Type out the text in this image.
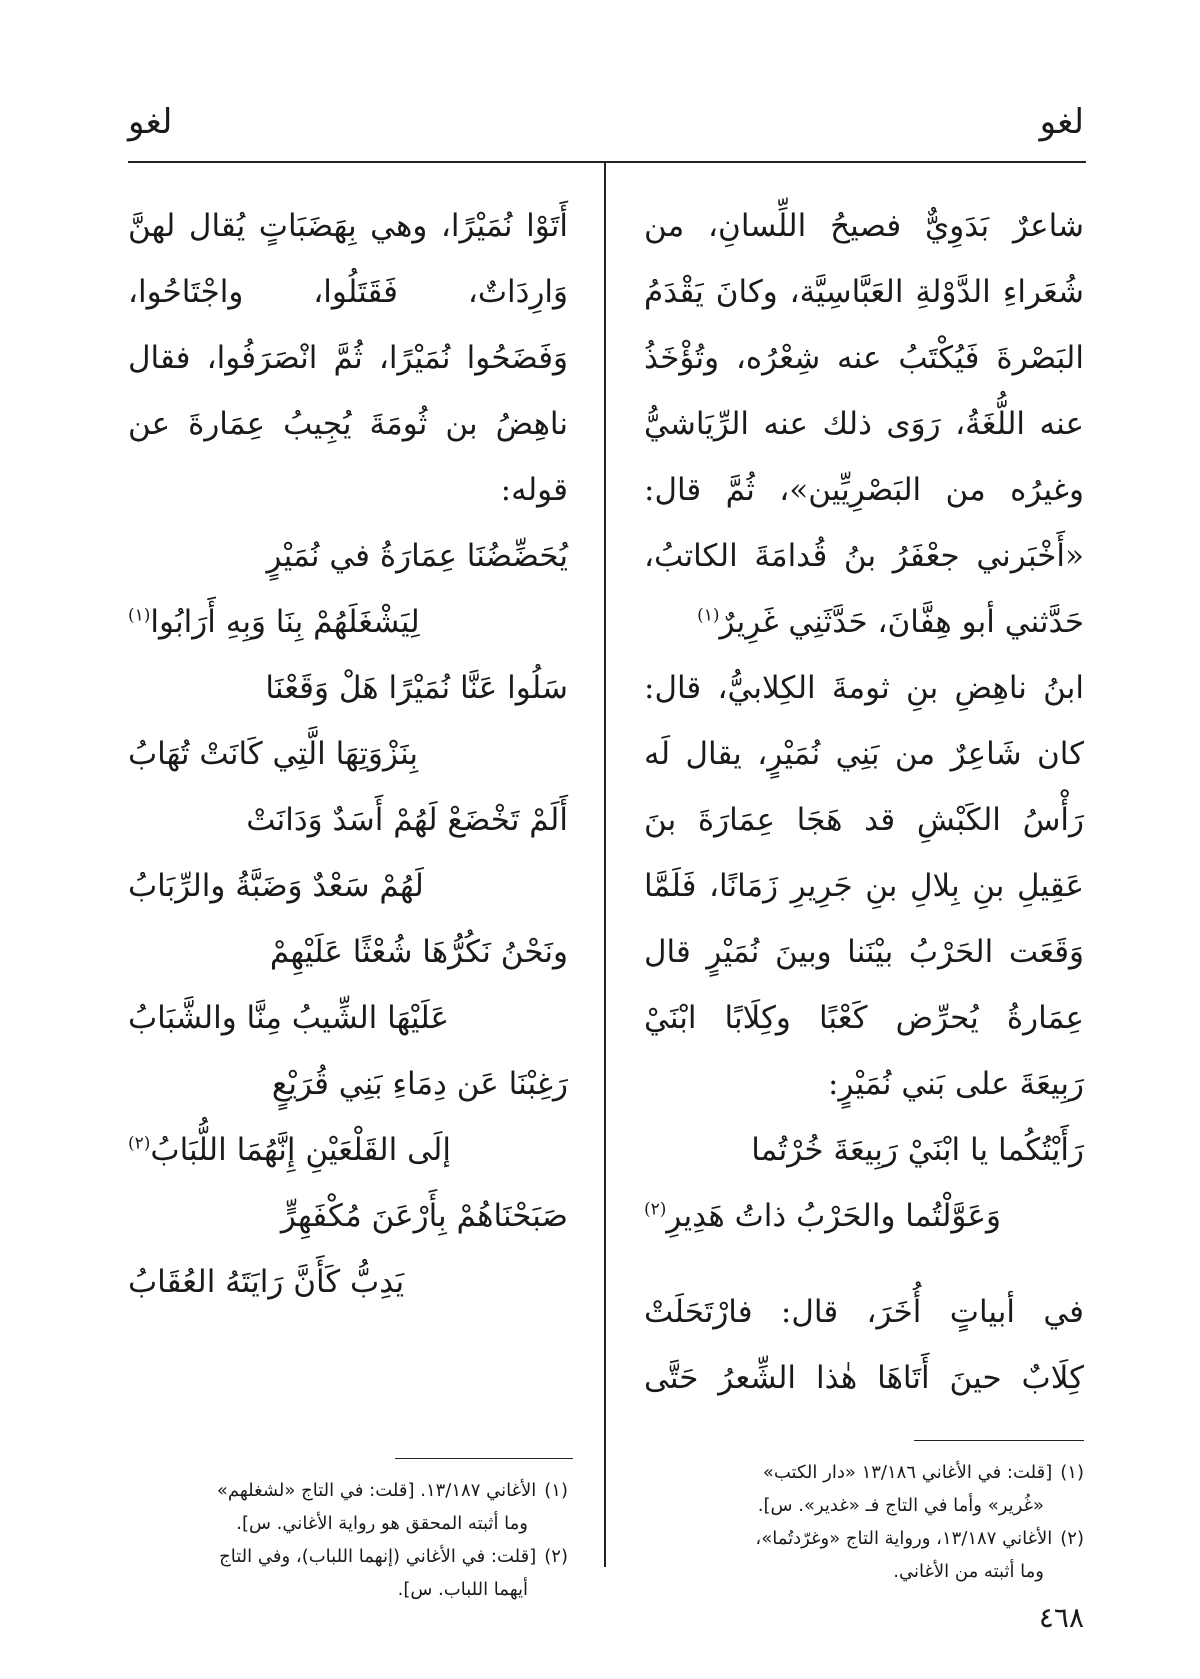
لغو
لغو
شاعرٌ بَدَوِيٌّ فصيحُ اللِّسانِ، من
شُعَراءِ الدَّوْلةِ العَبَّاسِيَّة، وكانَ يَقْدَمُ
البَصْرةَ فَيُكْتَبُ عنه شِعْرُه، وتُؤْخَذُ
عنه اللُّغَةُ، رَوَى ذلك عنه الرِّيَاشيُّ
وغيرُه من البَصْرِيِّين»، ثُمَّ قال:
«أَخْبَرني جعْفَرُ بنُ قُدامَةَ الكاتبُ،
حَدَّثني أبو هِفَّانَ، حَدَّثَنِي غَرِيرٌ$^{(١)}$
ابنُ ناهِضِ بنِ ثومةَ الكِلابيُّ، قال:
كان شَاعِرٌ من بَنِي نُمَيْرٍ، يقال لَه
رَأْسُ الكَبْشِ قد هَجَا عِمَارَةَ بنَ
عَقِيلِ بنِ بِلالِ بنِ جَرِيرِ زَمَانًا، فَلَمَّا
وَقَعَت الحَرْبُ بيْنَنا وبينَ نُمَيْرٍ قال
عِمَارةُ يُحرِّض كَعْبًا وكِلَابًا ابْنَيْ
رَبِيعَةَ على بَني نُمَيْرٍ:
رَأَيْتُكُما يا ابْنَيْ رَبِيعَةَ خُرْتُما
وَعَوَّلْتُما والحَرْبُ ذاتُ هَدِيرِ$^{(٢)}$
في أبياتٍ أُخَرَ، قال: فارْتَحَلَتْ
كِلَابٌ حينَ أَتَاهَا هٰذا الشِّعرُ حَتَّى
أَتَوْا نُمَيْرًا، وهي بِهَضَبَاتٍ يُقال لهنَّ
وَارِدَاتٌ، فَقَتَلُوا، واجْتَاحُوا،
وَفَضَحُوا نُمَيْرًا، ثُمَّ انْصَرَفُوا، فقال
ناهِضُ بن ثُومَةَ يُجِيبُ عِمَارةَ عن
قوله:
يُحَضِّضُنَا عِمَارَةُ في نُمَيْرٍ
لِيَشْغَلَهُمْ بِنَا وَبِهِ أَرَابُوا$^{(١)}$
سَلُوا عَنَّا نُمَيْرًا هَلْ وَقَعْنَا
بِنَزْوَتِهَا الَّتِي كَانَتْ تُهَابُ
أَلَمْ تَخْضَعْ لَهُمْ أَسَدٌ وَدَانَتْ
لَهُمْ سَعْدٌ وَضَبَّةُ والرِّبَابُ
ونَحْنُ نَكُرُّهَا شُعْثًا عَلَيْهِمْ
عَلَيْهَا الشِّيبُ مِنَّا والشَّبَابُ
رَغِبْنَا عَن دِمَاءِ بَنِي قُرَيْعٍ
إلَى القَلْعَيْنِ إِنَّهُمَا اللُّبَابُ$^{(٢)}$
صَبَحْنَاهُمْ بِأَرْعَنَ مُكْفَهِرٍّ
يَدِبُّ كَأَنَّ رَايَتَهُ العُقَابُ
(١)[قلت: في الأغاني ١٣/١٨٦ «دار الكتب»
«غُرير» وأما في التاج فـ «غدير». س].
(٢)الأغاني ١٣/١٨٧، ورواية التاج «وغرّدتُما»،
وما أثبته من الأغاني.
(١)الأغاني ١٣/١٨٧. [قلت: في التاج «لشغلهم»
وما أثبته المحقق هو رواية الأغاني. س].
(٢)[قلت: في الأغاني (إنهما اللباب)، وفي التاج
أيهما اللباب. س].
٤٦٨
